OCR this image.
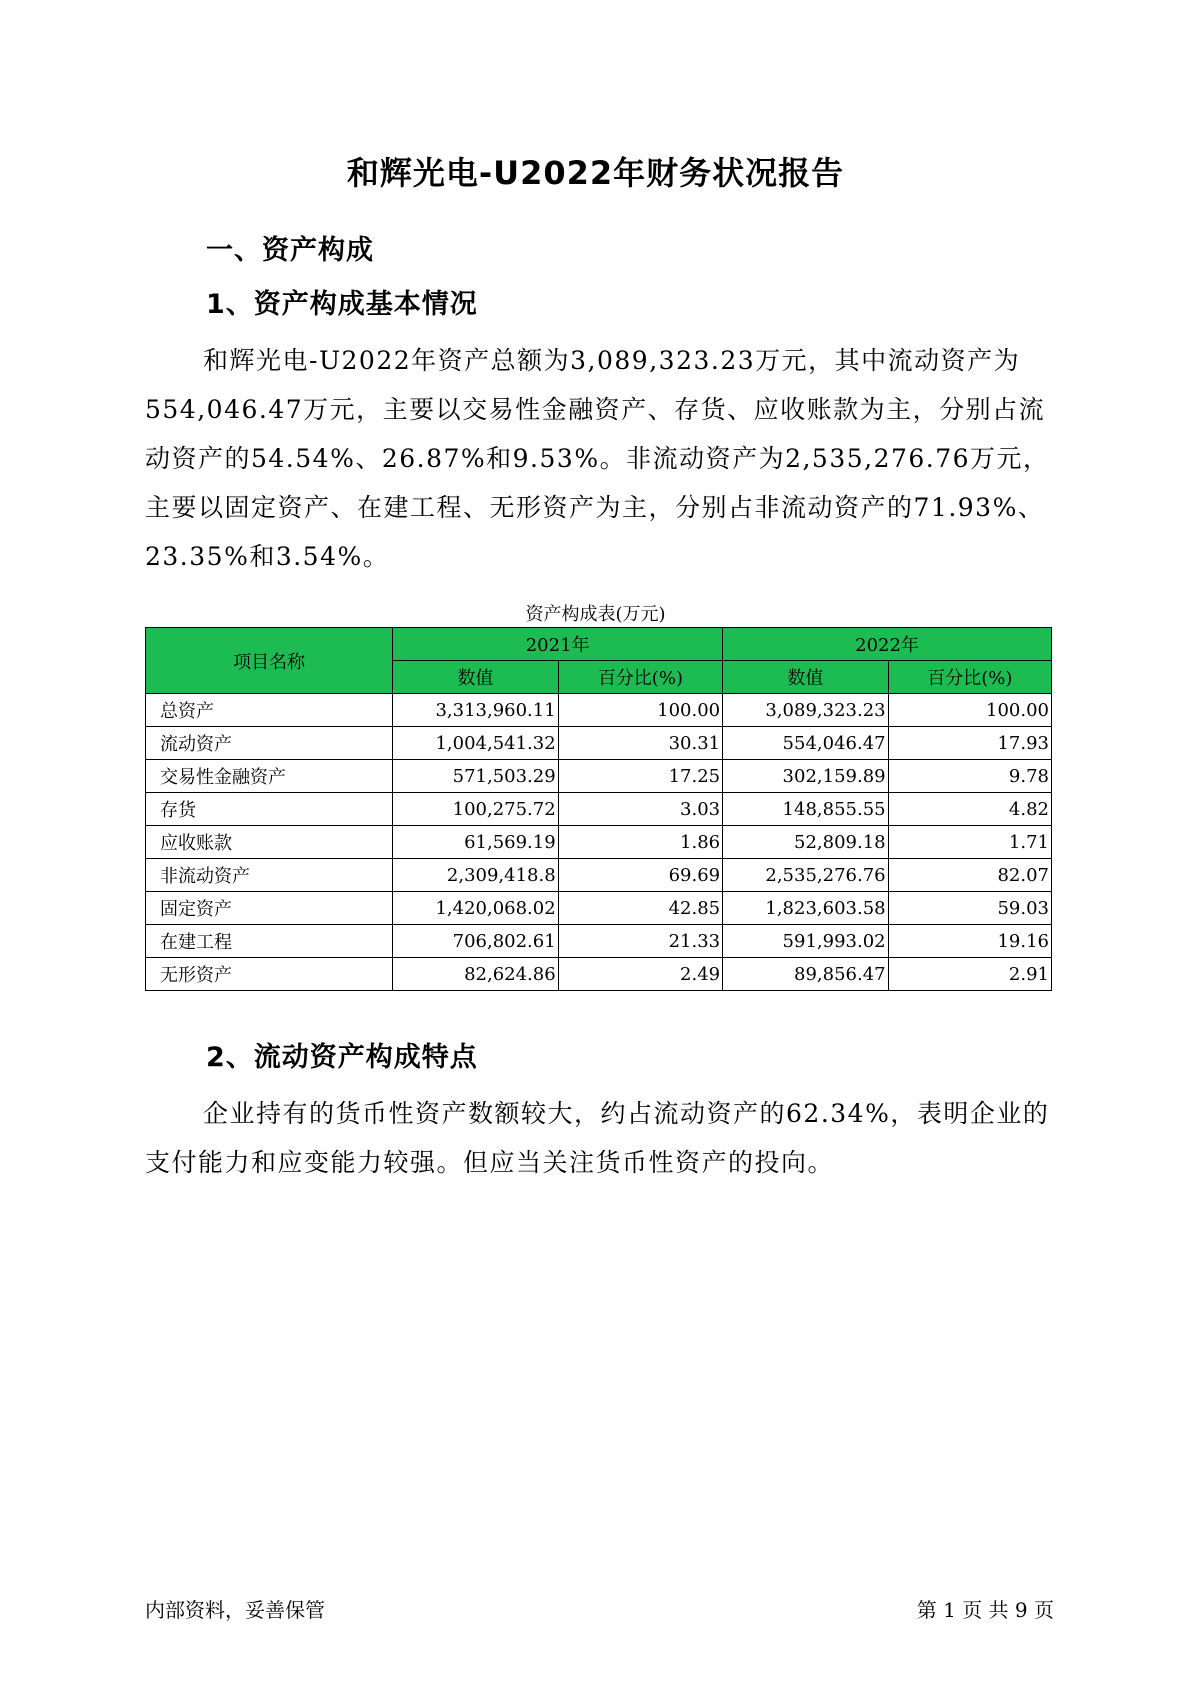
和辉光电-U2022年财务状况报告
一、资产构成
1、资产构成基本情况

和辉光电-U2022年资产总额为3,089,323.23万元，其中流动资产为554,046.47万元，主要以交易性金融资产、存货、应收账款为主，分别占流动资产的54.54%、26.87%和9.53%。非流动资产为2,535,276.76万元，主要以固定资产、在建工程、无形资产为主，分别占非流动资产的71.93%、23.35%和3.54%。

资产构成表(万元)
项目名称	2021年		2022年	
	数值	百分比(%)	数值	百分比(%)
总资产	3,313,960.11	100.00	3,089,323.23	100.00
流动资产	1,004,541.32	30.31	554,046.47	17.93
交易性金融资产	571,503.29	17.25	302,159.89	9.78
存货	100,275.72	3.03	148,855.55	4.82
应收账款	61,569.19	1.86	52,809.18	1.71
非流动资产	2,309,418.8	69.69	2,535,276.76	82.07
固定资产	1,420,068.02	42.85	1,823,603.58	59.03
在建工程	706,802.61	21.33	591,993.02	19.16
无形资产	82,624.86	2.49	89,856.47	2.91
2、流动资产构成特点

企业持有的货币性资产数额较大，约占流动资产的62.34%，表明企业的支付能力和应变能力较强。但应当关注货币性资产的投向。

内部资料，妥善保管	第 1 页 共 9 页
